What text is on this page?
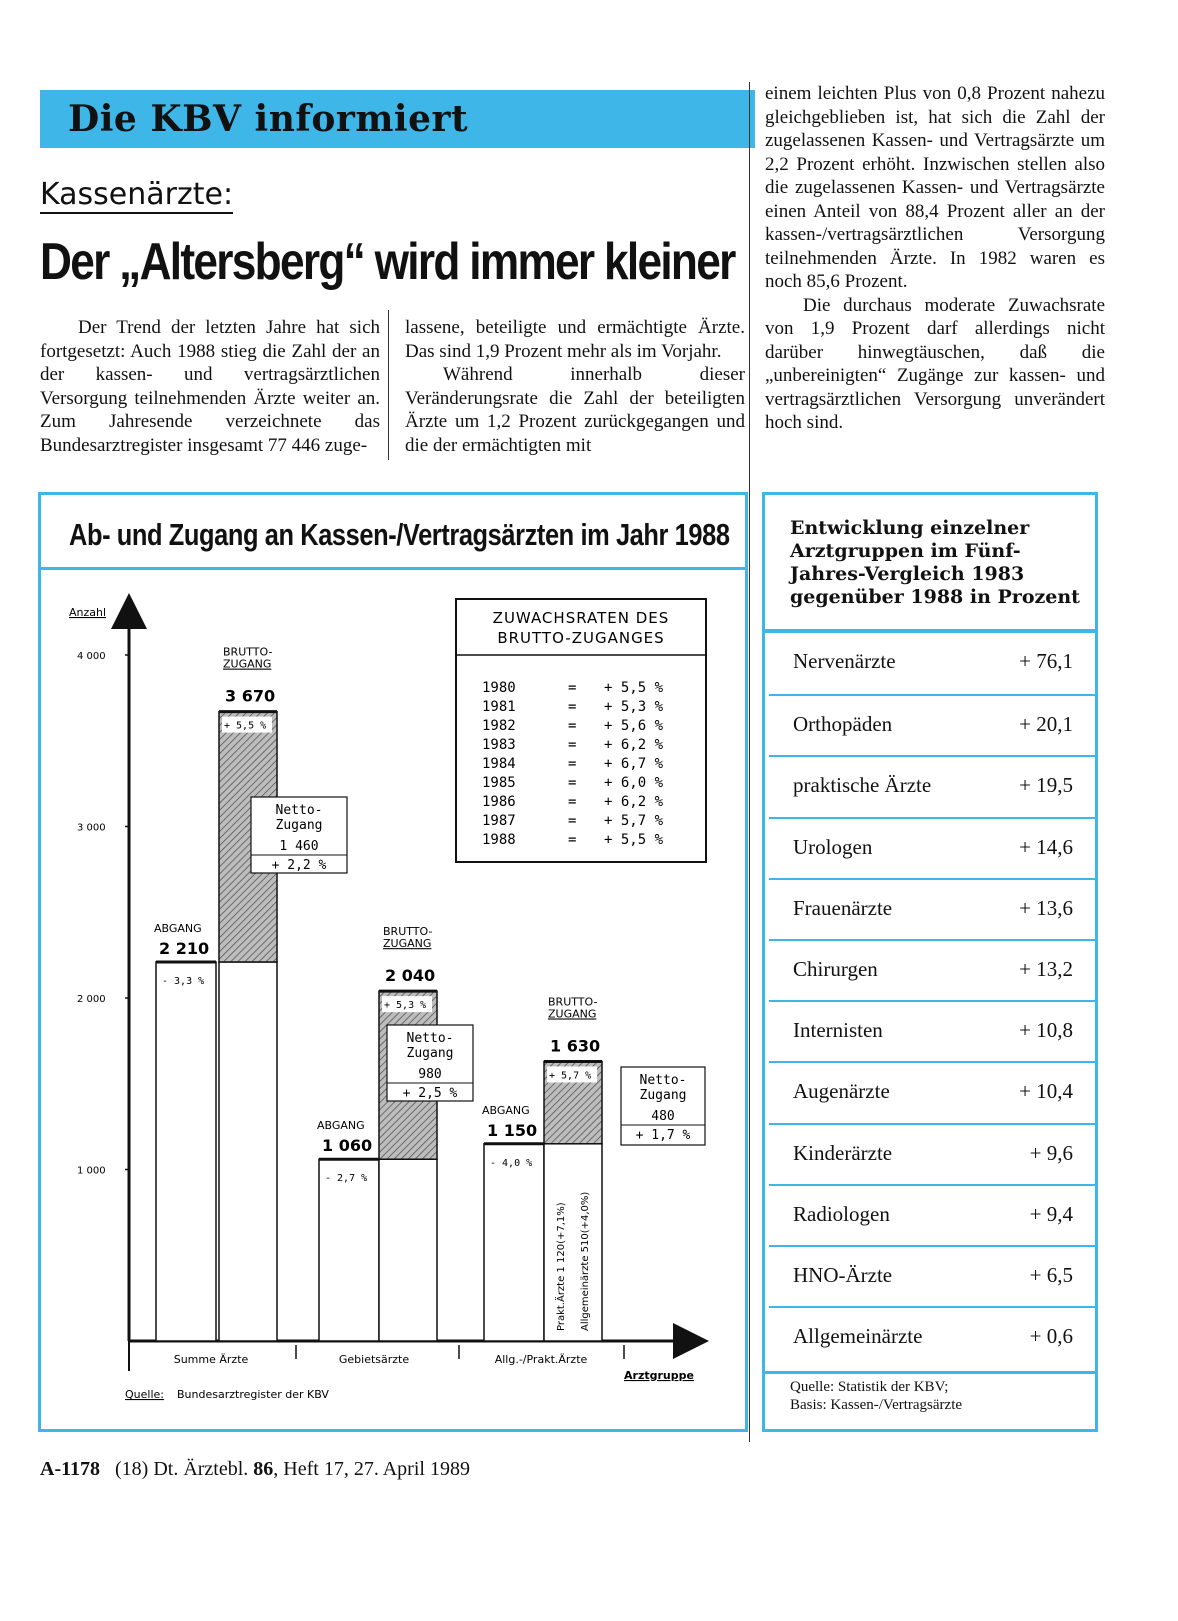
Die KBV informiert
Kassenärzte:
Der „Altersberg“ wird immer kleiner

Der Trend der letzten Jahre hat sich fortgesetzt: Auch 1988 stieg die Zahl der an der kassen- und vertragsärztlichen Versorgung teilnehmenden Ärzte weiter an. Zum Jahresende verzeichnete das Bundesarztregister insgesamt 77 446 zuge-

lassene, beteiligte und ermächtigte Ärzte. Das sind 1,9 Prozent mehr als im Vorjahr.

Während innerhalb dieser Veränderungsrate die Zahl der beteiligten Ärzte um 1,2 Prozent zurückgegangen und die der ermächtigten mit

einem leichten Plus von 0,8 Prozent nahezu gleichgeblieben ist, hat sich die Zahl der zugelassenen Kassen- und Vertragsärzte um 2,2 Prozent erhöht. Inzwischen stellen also die zugelassenen Kassen- und Vertragsärzte einen Anteil von 88,4 Prozent aller an der kassen-/vertragsärztlichen Versorgung teilnehmenden Ärzte. In 1982 waren es noch 85,6 Prozent.

Die durchaus moderate Zuwachsrate von 1,9 Prozent darf allerdings nicht darüber hinwegtäuschen, daß die „unbereinigten“ Zugänge zur kassen- und vertragsärztlichen Versorgung unverändert hoch sind.

Ab- und Zugang an Kassen-/Vertragsärzten im Jahr 1988
Anzahl
Arztgruppe
1 000
2 000
3 000
4 000
ABGANG
2 210
- 3,3 %
BRUTTO-
ZUGANG
3 670
+ 5,5 %
Netto-
Zugang
1 460
+ 2,2 %
Summe Ärzte
ABGANG
1 060
- 2,7 %
BRUTTO-
ZUGANG
2 040
+ 5,3 %
Netto-
Zugang
980
+ 2,5 %
Gebietsärzte
ABGANG
1 150
- 4,0 %
BRUTTO-
ZUGANG
1 630
+ 5,7 %	Netto-
Zugang
480
+ 1,7 %
Allg.-/Prakt.Ärzte
Prakt.Ärzte 1 120(+7,1%) Allgemeinärzte 510(+4,0%)
Quelle: Bundesarztregister der KBV
ZUWACHSRATEN DES
BRUTTO-ZUGANGES
1980	= + 5,5 %
1981	= + 5,3 %
1982	= + 5,6 %
1983	= + 6,2 %
1984	= + 6,7 %
1985	= + 6,0 %
1986	= + 6,2 %
1987	= + 5,7 %
1988	= + 5,5 %
Entwicklung einzelner Arztgruppen im Fünf-Jahres-Vergleich 1983 gegenüber 1988 in Prozent
Nervenärzte	+ 76,1
Orthopäden	+ 20,1
praktische Ärzte	+ 19,5
Urologen	+ 14,6
Frauenärzte	+ 13,6
Chirurgen	+ 13,2
Internisten	+ 10,8
Augenärzte	+ 10,4
Kinderärzte	+ 9,6
Radiologen	+ 9,4
HNO-Ärzte	+ 6,5
Allgemeinärzte	+ 0,6
Quelle: Statistik der KBV;
Basis: Kassen-/Vertragsärzte
A-1178 (18) Dt. Ärztebl. 86, Heft 17, 27. April 1989
